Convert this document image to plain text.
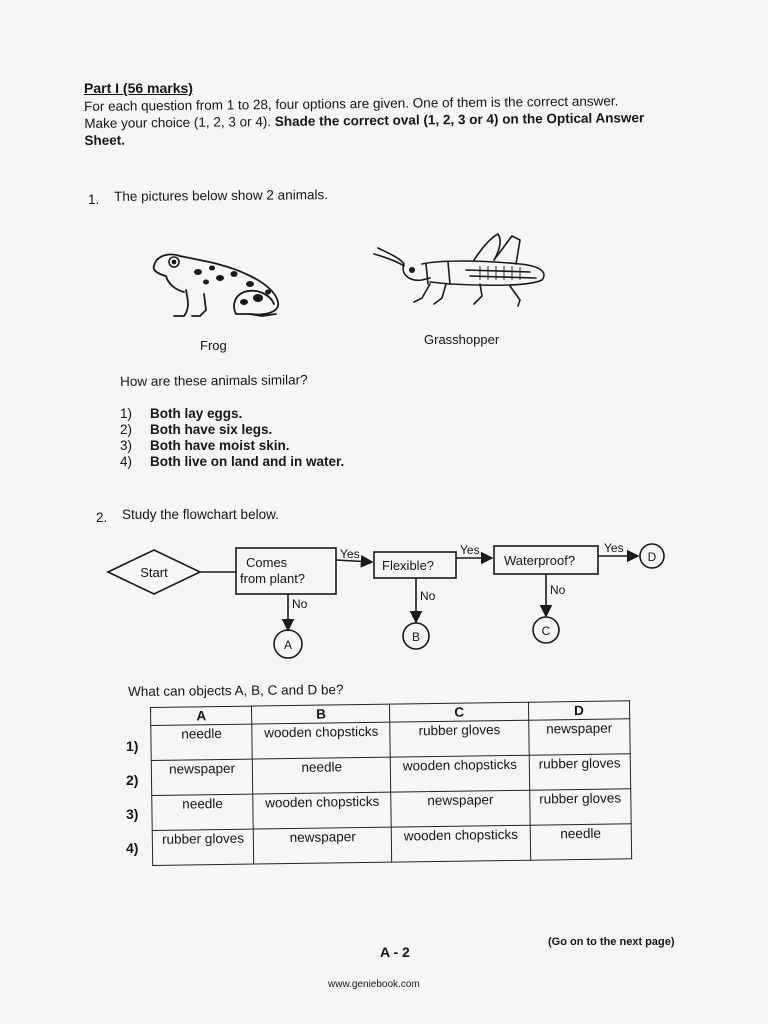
Part I (56 marks)
For each question from 1 to 28, four options are given. One of them is the correct answer. Make your choice (1, 2, 3 or 4). Shade the correct oval (1, 2, 3 or 4) on the Optical Answer Sheet.
1. The pictures below show 2 animals.
Frog	Grasshopper
How are these animals similar?
1)	Both lay eggs.
2)	Both have six legs.
3)	Both have moist skin.
4)	Both live on land and in water.
2. Study the flowchart below.
Start
Comes
from plant?
Flexible?	Waterproof?
Yes	Yes	Yes
No
No	No
A
B	C
D
What can objects A, B, C and D be?
1)
2)
3)
4)
A	B	C	D
needle	wooden chopsticks	rubber gloves	newspaper
newspaper	needle	wooden chopsticks	rubber gloves
needle	wooden chopsticks	newspaper	rubber gloves
rubber gloves	newspaper	wooden chopsticks	needle
A - 2
(Go on to the next page)
www.geniebook.com
